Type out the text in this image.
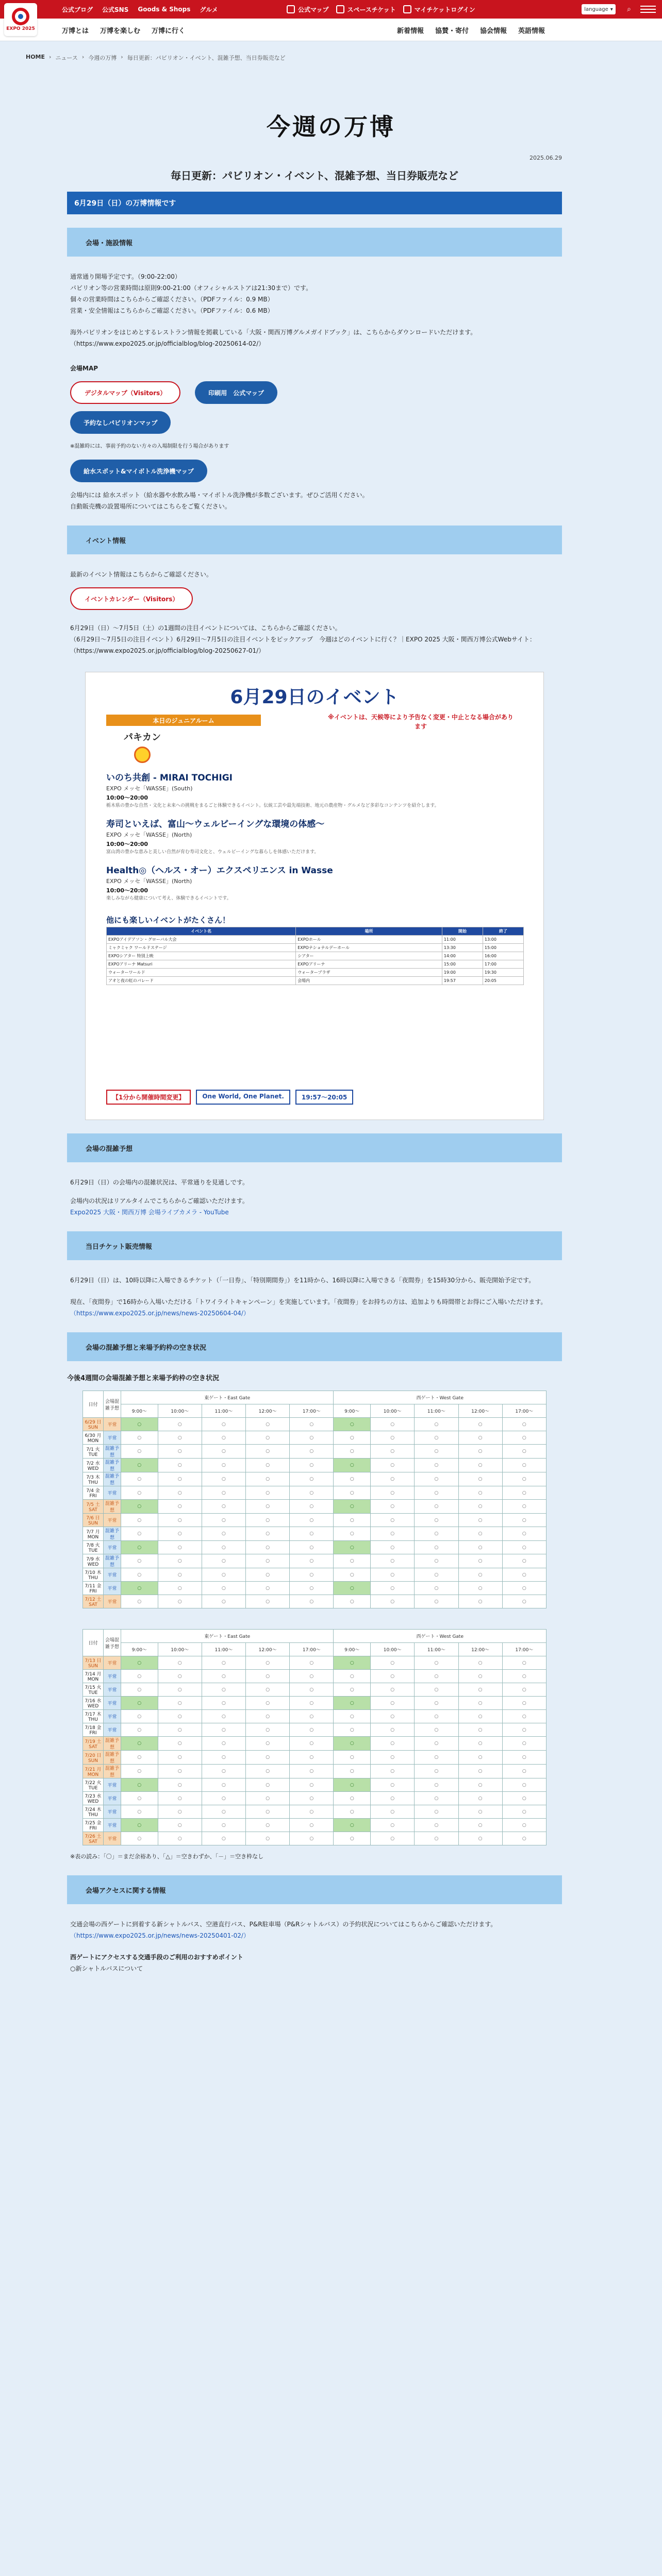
公式ブログ 公式SNS Goods & Shops グルメ	公式マップ	スペースチケット	マイチケットログイン	language ▾	⌕
EXPO 2025	万博とは 万博を楽しむ 万博に行く	新着情報 協賛・寄付 協会情報 英語情報
HOME › ニュース › 今週の万博 › 毎日更新：パビリオン・イベント、混雑予想、当日券販売など
今週の万博
2025.06.29
毎日更新：パビリオン・イベント、混雑予想、当日券販売など
6月29日（日）の万博情報です
会場・施設情報
通常通り開場予定です。（9:00-22:00）
パビリオン等の営業時間は原則9:00-21:00（オフィシャルストアは21:30まで）です。
個々の営業時間はこちらからご確認ください。（PDFファイル：0.9 MB）
営業・安全情報はこちらからご確認ください。（PDFファイル：0.6 MB）
海外パビリオンをはじめとするレストラン情報を掲載している「大阪・関西万博グルメガイドブック」は、こちらからダウンロードいただけます。
（https://www.expo2025.or.jp/officialblog/blog-20250614-02/）
会場MAP
デジタルマップ（Visitors）	印刷用　公式マップ
予約なしパビリオンマップ
※混雑時には、事前予約のない方々の入場制限を行う場合があります
給水スポット&マイボトル洗浄機マップ
会場内には 給水スポット（給水器や水飲み場・マイボトル洗浄機が多数ございます。ぜひご活用ください。
自動販売機の設置場所についてはこちらをご覧ください。
イベント情報
最新のイベント情報はこちらからご確認ください。
イベントカレンダー（Visitors）
6月29日（日）～7月5日（土）の1週間の注目イベントについては、こちらからご確認ください。
（6月29日～7月5日の注目イベント）6月29日～7月5日の注目イベントをピックアップ　今週はどのイベントに行く？｜EXPO 2025 大阪・関西万博公式Webサイト：（https://www.expo2025.or.jp/officialblog/blog-20250627-01/）
6月29日のイベント
本日のジュニアルーム
パキカン
※イベントは、天候等により予告なく変更・中止となる場合があります
いのち共創 - MIRAI TOCHIGI
EXPO メッセ「WASSE」(South)
10:00～20:00
栃木県の豊かな自然・文化と未来への挑戦をまるごと体験できるイベント。伝統工芸や最先端技術、地元の農産物・グルメなど多彩なコンテンツを紹介します。
寿司といえば、富山～ウェルビーイングな環境の体感～
EXPO メッセ「WASSE」(North)
10:00～20:00
富山湾の豊かな恵みと美しい自然が育む寿司文化と、ウェルビーイングな暮らしを体感いただけます。
Health◎（ヘルス・オー）エクスペリエンス in Wasse
EXPO メッセ「WASSE」(North)
10:00～20:00
楽しみながら健康について考え、体験できるイベントです。
他にも楽しいイベントがたくさん！
イベント名	場所	開始	終了
EXPOアイデアソン・グローバル大会	EXPOホール	11:00	13:00
ミャクミャク ワールドステージ	EXPOナショナルデーホール	13:30	15:00
EXPOシアター 特別上映	シアター	14:00	16:00
EXPOアリーナ Matsuri	EXPOアリーナ	15:00	17:00
ウォーターワールド	ウォータープラザ	19:00	19:30
アオと夜の虹のパレード	会場内	19:57	20:05
【1分から開催時間変更】	One World, One Planet.	19:57～20:05
会場の混雑予想
6月29日（日）の会場内の混雑状況は、平常通りを見通しです。
会場内の状況はリアルタイムでこちらからご確認いただけます。
Expo2025 大阪・関西万博 会場ライブカメラ - YouTube
当日チケット販売情報
6月29日（日）は、10時以降に入場できるチケット（「一日券」、「特別期間券」）を11時から、16時以降に入場できる「夜間券」を15時30分から、販売開始予定です。
現在、「夜間券」で16時から入場いただける「トワイライトキャンペーン」を実施しています。「夜間券」をお持ちの方は、追加よりも時間帯とお得にご入場いただけます。
（https://www.expo2025.or.jp/news/news-20250604-04/）
会場の混雑予想と来場予約枠の空き状況
今後4週間の会場混雑予想と来場予約枠の空き状況
日付	会場混雑予想	東ゲート・East Gate					西ゲート・West Gate				
		9:00～	10:00～	11:00～	12:00～	17:00～	9:00～	10:00～	11:00～	12:00～	17:00～
6/29 日 SUN	平常	○	○	○	○	○	○	○	○	○	○
6/30 月 MON	平常	○	○	○	○	○	○	○	○	○	○
7/1 火 TUE	混雑予想	○	○	○	○	○	○	○	○	○	○
7/2 水 WED	混雑予想	○	○	○	○	○	○	○	○	○	○
7/3 木 THU	混雑予想	○	○	○	○	○	○	○	○	○	○
7/4 金 FRI	平常	○	○	○	○	○	○	○	○	○	○
7/5 土 SAT	混雑予想	○	○	○	○	○	○	○	○	○	○
7/6 日 SUN	平常	○	○	○	○	○	○	○	○	○	○
7/7 月 MON	混雑予想	○	○	○	○	○	○	○	○	○	○
7/8 火 TUE	平常	○	○	○	○	○	○	○	○	○	○
7/9 水 WED	混雑予想	○	○	○	○	○	○	○	○	○	○
7/10 木 THU	平常	○	○	○	○	○	○	○	○	○	○
7/11 金 FRI	平常	○	○	○	○	○	○	○	○	○	○
7/12 土 SAT	平常	○	○	○	○	○	○	○	○	○	○
日付	会場混雑予想	東ゲート・East Gate					西ゲート・West Gate				
		9:00～	10:00～	11:00～	12:00～	17:00～	9:00～	10:00～	11:00～	12:00～	17:00～
7/13 日 SUN	平常	○	○	○	○	○	○	○	○	○	○
7/14 月 MON	平常	○	○	○	○	○	○	○	○	○	○
7/15 火 TUE	平常	○	○	○	○	○	○	○	○	○	○
7/16 水 WED	平常	○	○	○	○	○	○	○	○	○	○
7/17 木 THU	平常	○	○	○	○	○	○	○	○	○	○
7/18 金 FRI	平常	○	○	○	○	○	○	○	○	○	○
7/19 土 SAT	混雑予想	○	○	○	○	○	○	○	○	○	○
7/20 日 SUN	混雑予想	○	○	○	○	○	○	○	○	○	○
7/21 月 MON	混雑予想	○	○	○	○	○	○	○	○	○	○
7/22 火 TUE	平常	○	○	○	○	○	○	○	○	○	○
7/23 水 WED	平常	○	○	○	○	○	○	○	○	○	○
7/24 木 THU	平常	○	○	○	○	○	○	○	○	○	○
7/25 金 FRI	平常	○	○	○	○	○	○	○	○	○	○
7/26 土 SAT	平常	○	○	○	○	○	○	○	○	○	○
※表の読み：「〇」＝まだ余裕あり、「△」＝空きわずか、「－」＝空き枠なし
会場アクセスに関する情報
交通会場の西ゲートに到着する新シャトルバス、空港直行バス、P&R駐車場（P&Rシャトルバス）の予約状況についてはこちらからご確認いただけます。
（https://www.expo2025.or.jp/news/news-20250401-02/）
西ゲートにアクセスする交通手段のご利用のおすすめポイント
○新シャトルバスについて
